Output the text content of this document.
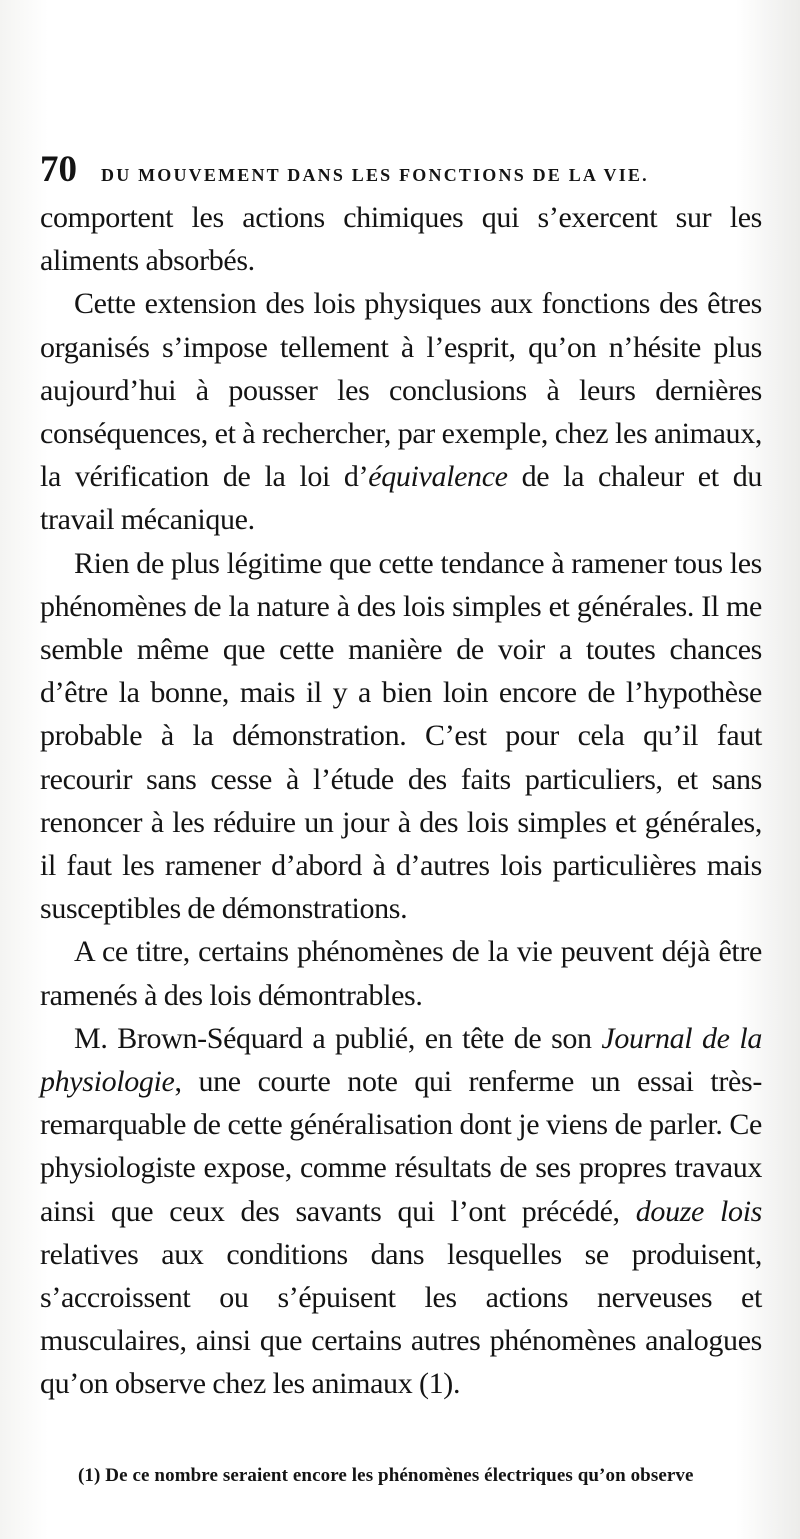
70 DU MOUVEMENT DANS LES FONCTIONS DE LA VIE.

comportent les actions chimiques qui s’exercent sur les aliments absorbés.

Cette extension des lois physiques aux fonctions des êtres organisés s’impose tellement à l’esprit, qu’on n’hésite plus aujourd’hui à pousser les conclusions à leurs dernières conséquences, et à rechercher, par exemple, chez les animaux, la vérification de la loi d’équivalence de la chaleur et du travail mécanique.

Rien de plus légitime que cette tendance à ramener tous les phénomènes de la nature à des lois simples et générales. Il me semble même que cette manière de voir a toutes chances d’être la bonne, mais il y a bien loin encore de l’hypothèse probable à la démonstration. C’est pour cela qu’il faut recourir sans cesse à l’étude des faits particuliers, et sans renoncer à les réduire un jour à des lois simples et générales, il faut les ramener d’abord à d’autres lois particulières mais susceptibles de démonstrations.

A ce titre, certains phénomènes de la vie peuvent déjà être ramenés à des lois démontrables.

M. Brown-Séquard a publié, en tête de son Journal de la physiologie, une courte note qui renferme un essai très-remarquable de cette généralisation dont je viens de parler. Ce physiologiste expose, comme résultats de ses propres travaux ainsi que ceux des savants qui l’ont précédé, douze lois relatives aux conditions dans lesquelles se produisent, s’accroissent ou s’épuisent les actions nerveuses et musculaires, ainsi que certains autres phénomènes analogues qu’on observe chez les animaux (1).

(1) De ce nombre seraient encore les phénomènes électriques qu’on observe
